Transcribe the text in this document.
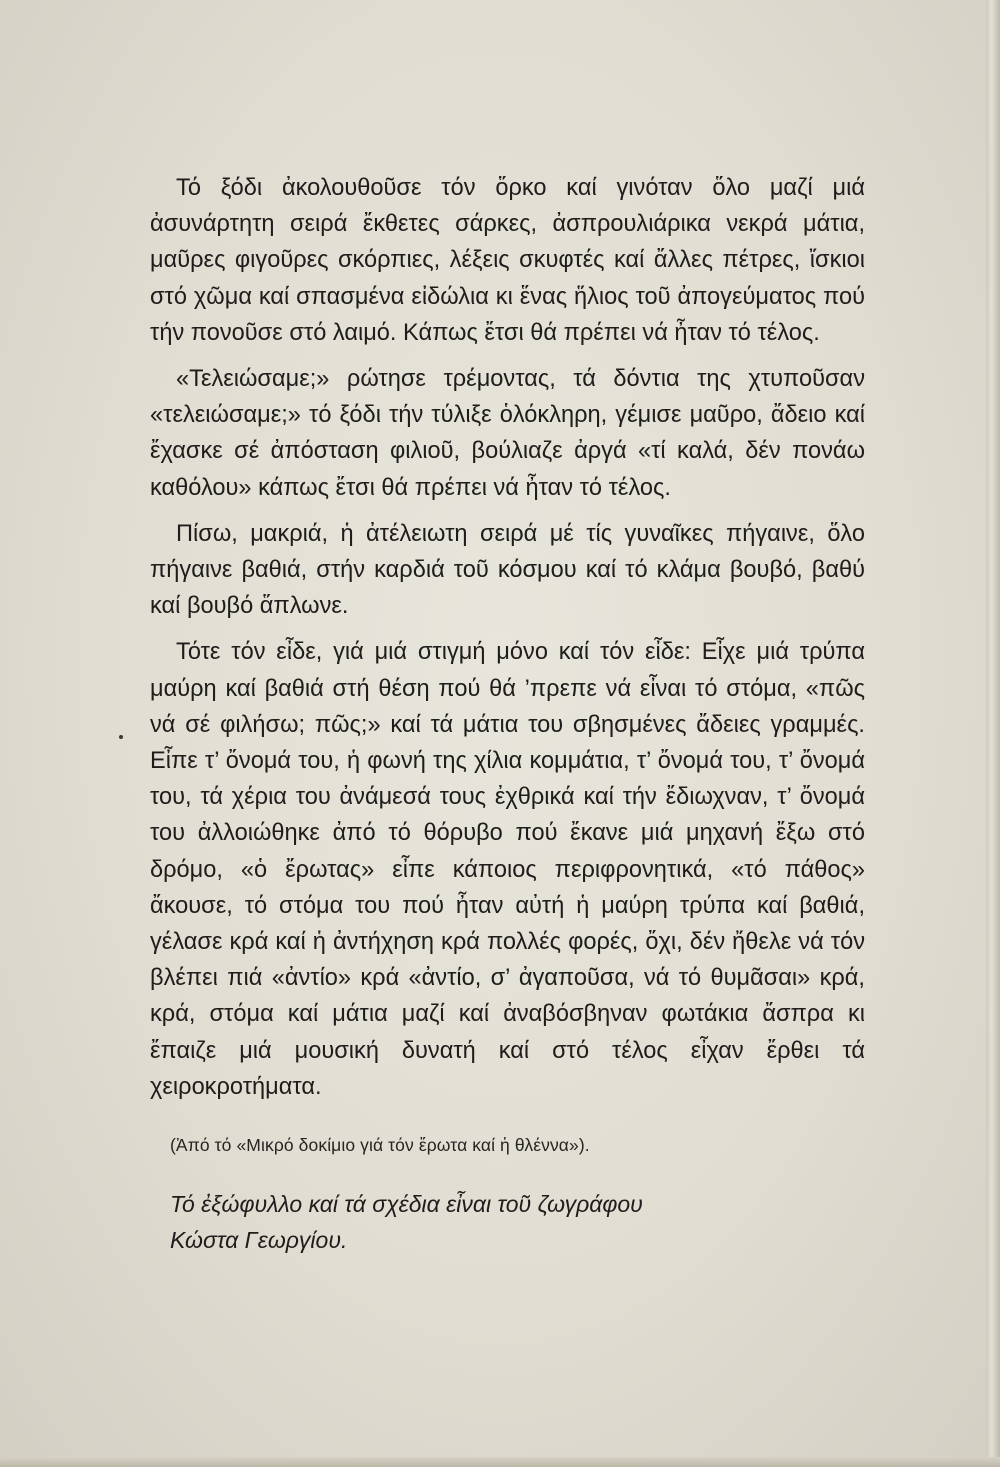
Τό ξόδι ἀκολουθοῦσε τόν ὅρκο καί γινόταν ὅλο μαζί μιά ἀσυνάρτητη σειρά ἔκθετες σάρκες, ἀσπρουλιάρικα νεκρά μάτια, μαῦρες φιγοῦρες σκόρπιες, λέξεις σκυφτές καί ἄλλες πέτρες, ἴσκιοι στό χῶμα καί σπασμένα εἰδώλια κι ἕνας ἥλιος τοῦ ἀπογεύματος πού τήν πονοῦσε στό λαιμό. Κάπως ἔτσι θά πρέπει νά ἦταν τό τέλος.

«Τελειώσαμε;» ρώτησε τρέμοντας, τά δόντια της χτυποῦσαν «τελειώσαμε;» τό ξόδι τήν τύλιξε ὁλόκληρη, γέμισε μαῦρο, ἄδειο καί ἔχασκε σέ ἀπόσταση φιλιοῦ, βούλιαζε ἀργά «τί καλά, δέν πονάω καθόλου» κάπως ἔτσι θά πρέπει νά ἦταν τό τέλος.

Πίσω, μακριά, ἡ ἀτέλειωτη σειρά μέ τίς γυναῖκες πήγαινε, ὅλο πήγαινε βαθιά, στήν καρδιά τοῦ κόσμου καί τό κλάμα βουβό, βαθύ καί βουβό ἅπλωνε.

Τότε τόν εἶδε, γιά μιά στιγμή μόνο καί τόν εἶδε: Εἶχε μιά τρύπα μαύρη καί βαθιά στή θέση πού θά ’πρεπε νά εἶναι τό στόμα, «πῶς νά σέ φιλήσω; πῶς;» καί τά μάτια του σβησμένες ἄδειες γραμμές. Εἶπε τ’ ὄνομά του, ἡ φωνή της χίλια κομμάτια, τ’ ὄνομά του, τ’ ὄνομά του, τά χέρια του ἀνάμεσά τους ἐχθρικά καί τήν ἔδιωχναν, τ’ ὄνομά του ἀλλοιώθηκε ἀπό τό θόρυβο πού ἔκανε μιά μηχανή ἔξω στό δρόμο, «ὁ ἔρωτας» εἶπε κάποιος περιφρονητικά, «τό πάθος» ἄκουσε, τό στόμα του πού ἦταν αὐτή ἡ μαύρη τρύπα καί βαθιά, γέλασε κρά καί ἡ ἀντήχηση κρά πολλές φορές, ὄχι, δέν ἤθελε νά τόν βλέπει πιά «ἀντίο» κρά «ἀντίο, σ’ ἀγαποῦσα, νά τό θυμᾶσαι» κρά, κρά, στόμα καί μάτια μαζί καί ἀναβόσβηναν φωτάκια ἄσπρα κι ἔπαιζε μιά μουσική δυνατή καί στό τέλος εἶχαν ἔρθει τά χειροκροτήματα.

(Ἀπό τό «Μικρό δοκίμιο γιά τόν ἔρωτα καί ἡ θλέννα»).
Τό ἐξώφυλλο καί τά σχέδια εἶναι τοῦ ζωγράφου
Κώστα Γεωργίου.
